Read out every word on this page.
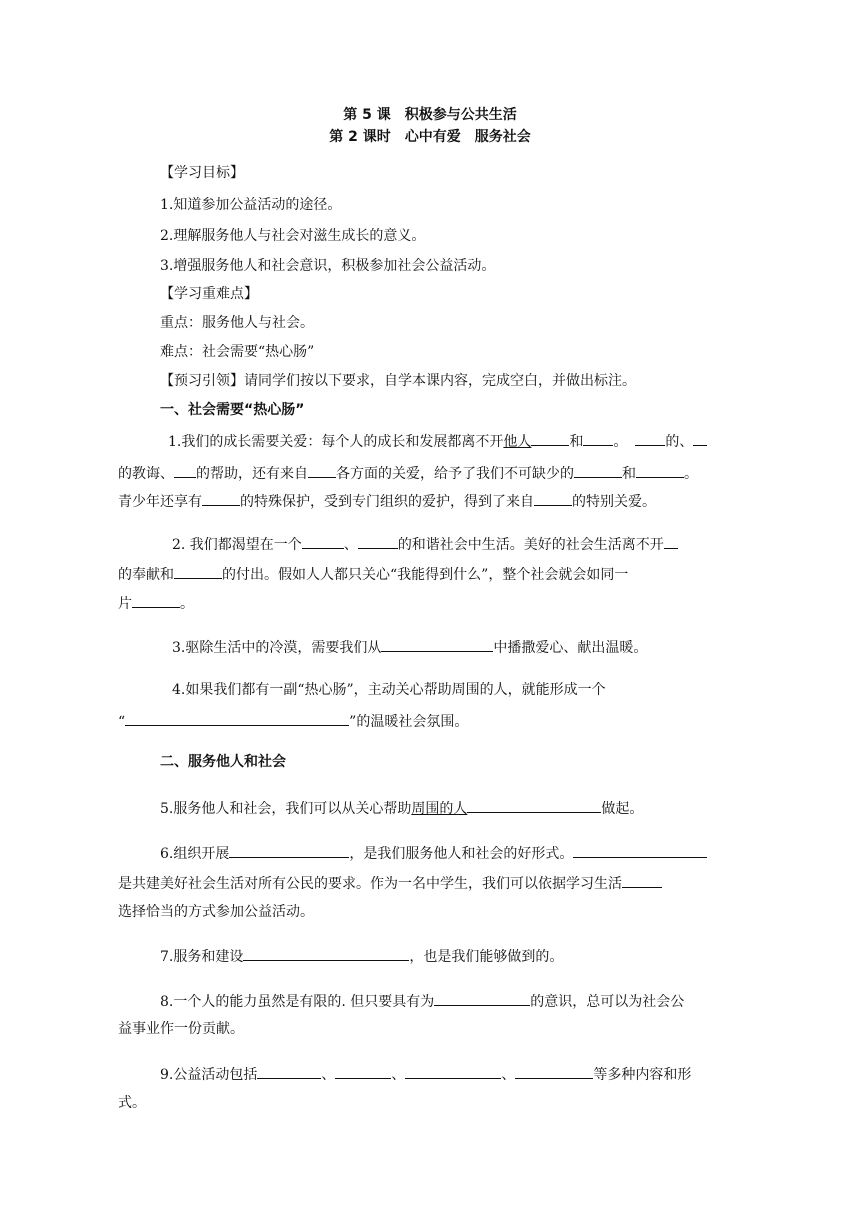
第 5 课　积极参与公共生活
第 2 课时　心中有爱　服务社会
【学习目标】
1.知道参加公益活动的途径。
2.理解服务他人与社会对滋生成长的意义。
3.增强服务他人和社会意识，积极参加社会公益活动。
【学习重难点】
重点：服务他人与社会。
难点：社会需要“热心肠”
【预习引领】请同学们按以下要求，自学本课内容，完成空白，并做出标注。
一、社会需要“热心肠”
1.我们的成长需要关爱：每个人的成长和发展都离不开他人	和 。	的、
的教诲、 的帮助，还有来自 各方面的关爱，给予了我们不可缺少的	和	。
青少年还享有	的特殊保护，受到专门组织的爱护，得到了来自	的特别关爱。
2. 我们都渴望在一个	、	的和谐社会中生活。美好的社会生活离不开
的奉献和	的付出。假如人人都只关心“我能得到什么”，整个社会就会如同一
片	。
3.驱除生活中的冷漠，需要我们从	中播撒爱心、献出温暖。
4.如果我们都有一副“热心肠”，主动关心帮助周围的人，就能形成一个
“	”的温暖社会氛围。
二、服务他人和社会
5.服务他人和社会，我们可以从关心帮助周围的人	做起。
6.组织开展	，是我们服务他人和社会的好形式。
是共建美好社会生活对所有公民的要求。作为一名中学生，我们可以依据学习生活
选择恰当的方式参加公益活动。
7.服务和建设	，也是我们能够做到的。
8.一个人的能力虽然是有限的. 但只要具有为	的意识，总可以为社会公
益事业作一份贡献。
9.公益活动包括	、	、	、	等多种内容和形
式。
